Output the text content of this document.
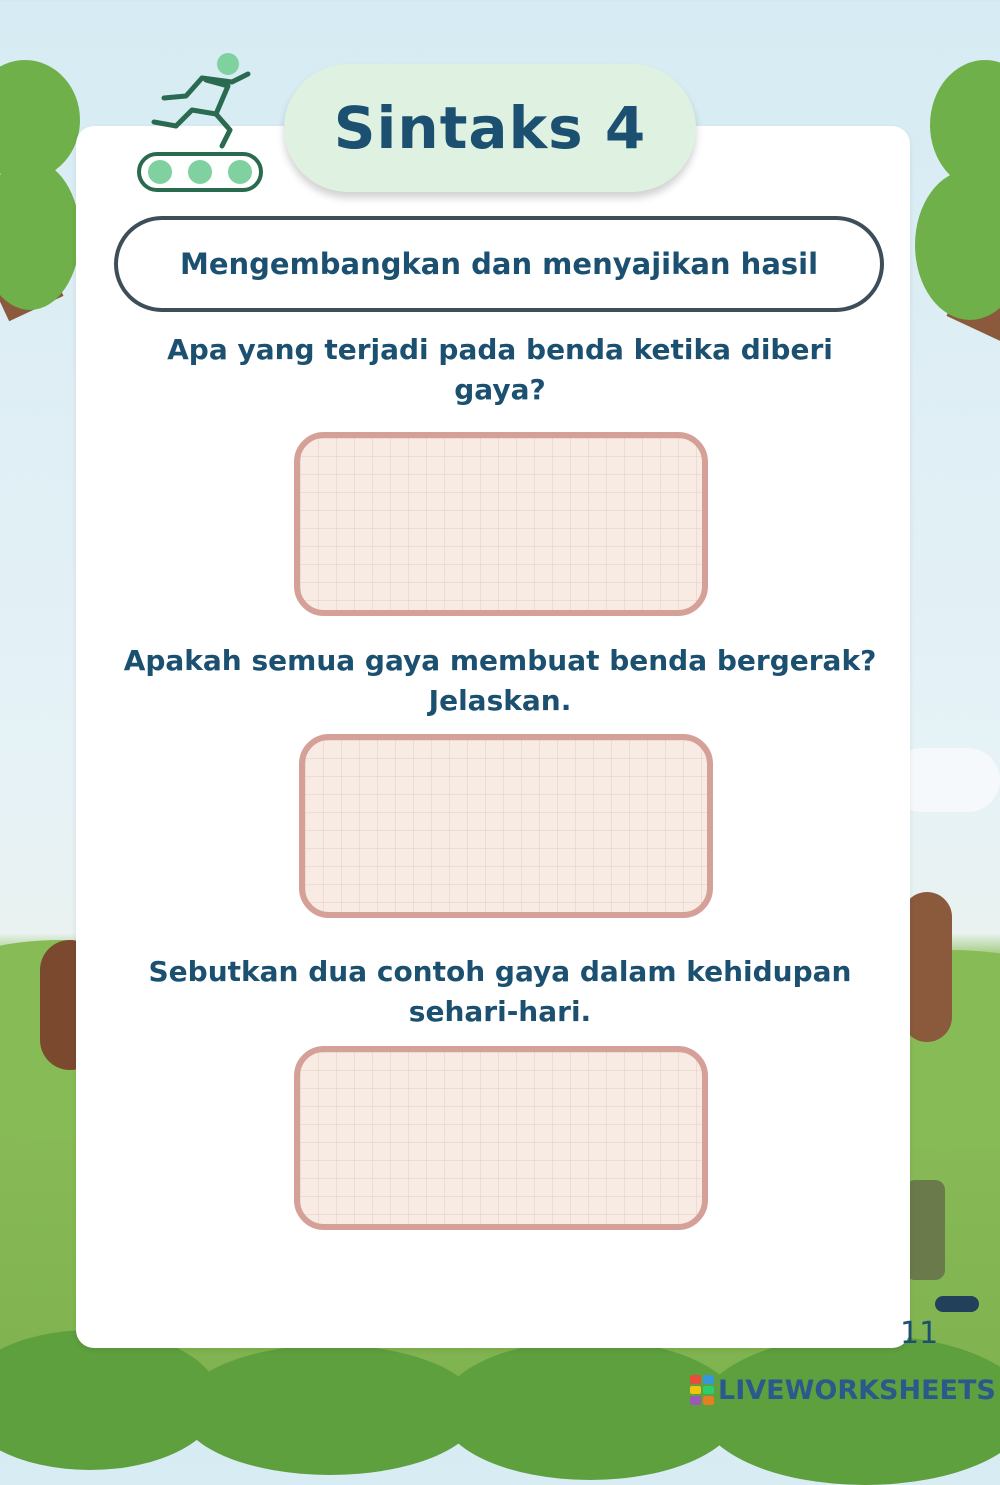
Sintaks 4
Mengembangkan dan menyajikan hasil
Apa yang terjadi pada benda ketika diberi gaya?
Apakah semua gaya membuat benda bergerak? Jelaskan.
Sebutkan dua contoh gaya dalam kehidupan sehari-hari.
11
LIVEWORKSHEETS
